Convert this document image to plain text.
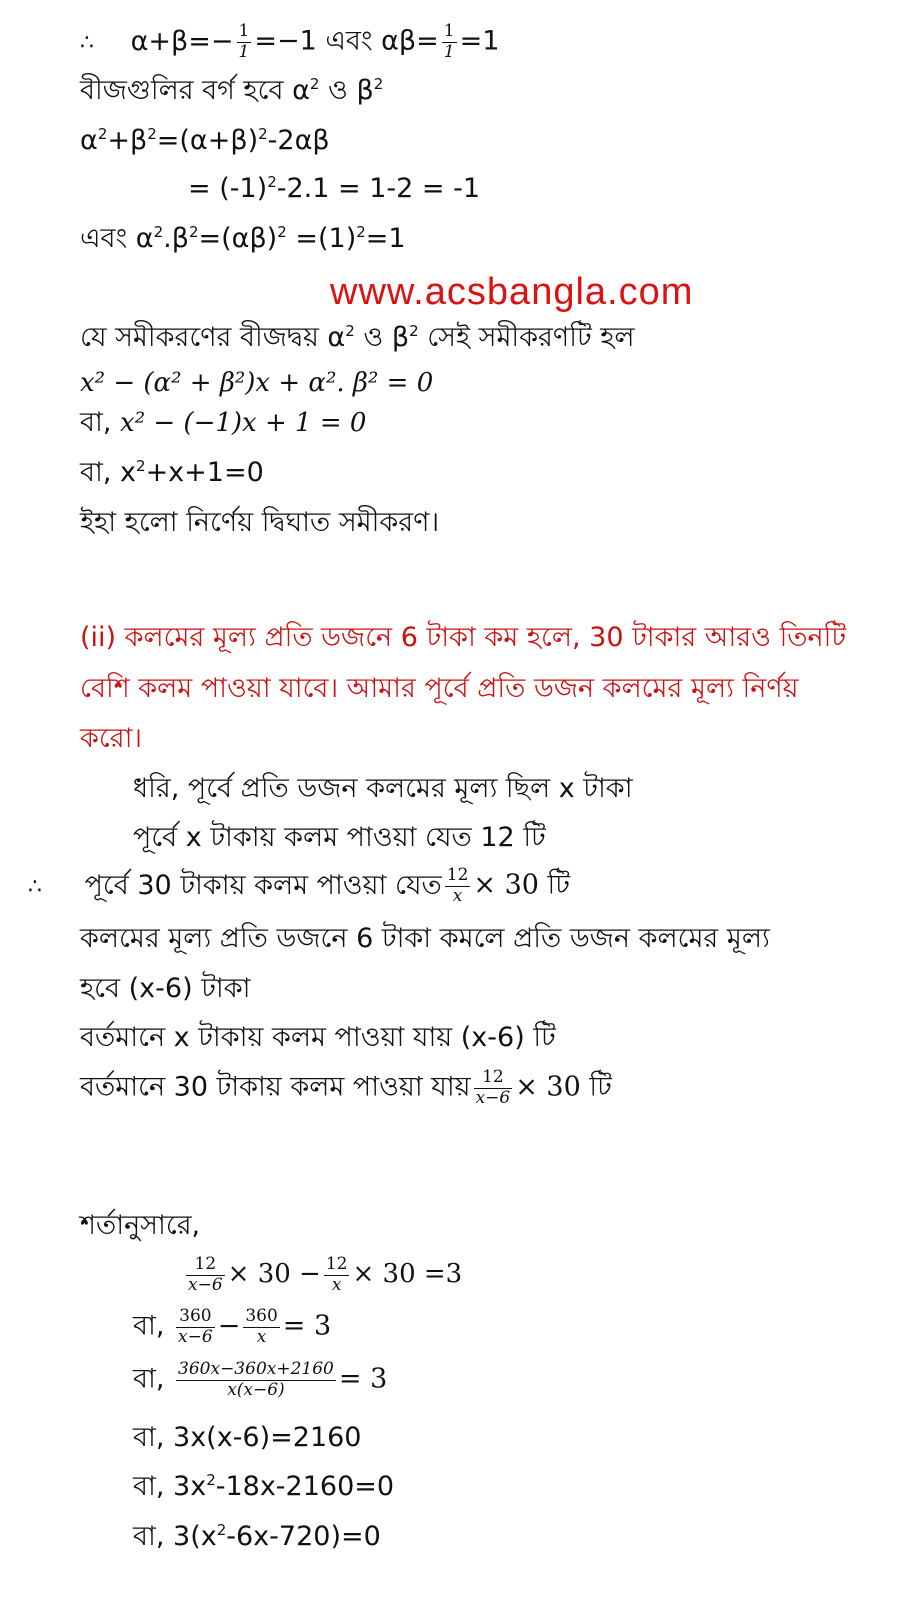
∴ $\alpha+\beta=- \frac{1}{1} =-1$ এবং $\alpha\beta= \frac{1}{1} =1$
বীজগুলির বর্গ হবে $\alpha^2$ ও $\beta^2$
$\alpha^2+\beta^2=(\alpha+\beta)^2-2\alpha\beta$
= $(-1)^2-2.1 = 1-2 = -1$
এবং $\alpha^2.\beta^2=(\alpha\beta)^2 =(1)^2=1$
www.acsbangla.com
যে সমীকরণের বীজদ্বয় $\alpha^2$ ও $\beta^2$ সেই সমীকরণটি হল
x² − (α² + β²)x + α². β² = 0
বা, x² − (−1)x + 1 = 0
বা, $x^2+x+1=0$
ইহা হলো নির্ণেয় দ্বিঘাত সমীকরণ।
(ii) কলমের মূল্য প্রতি ডজনে 6 টাকা কম হলে, 30 টাকার আরও তিনটি
বেশি কলম পাওয়া যাবে। আমার পূর্বে প্রতি ডজন কলমের মূল্য নির্ণয়
করো।
ধরি, পূর্বে প্রতি ডজন কলমের মূল্য ছিল x টাকা
পূর্বে x টাকায় কলম পাওয়া যেত 12 টি
∴ পূর্বে 30 টাকায় কলম পাওয়া যেত $\frac{12}{x} \times 30$ টি
কলমের মূল্য প্রতি ডজনে 6 টাকা কমলে প্রতি ডজন কলমের মূল্য
হবে (x-6) টাকা
বর্তমানে x টাকায় কলম পাওয়া যায় (x-6) টি
বর্তমানে 30 টাকায় কলম পাওয়া যায় $\frac{12}{x-6} \times 30$ টি
শর্তানুসারে,
$\frac{12}{x-6} \times 30 - \frac{12}{x} \times 30 =3$
বা, $\frac{360}{x-6} - \frac{360}{x} = 3$
বা, $\frac{360x-360x+2160}{x(x-6)} = 3$
বা, 3x(x-6)=2160
বা, $3x^2-18x-2160=0$
বা, $3(x^2-6x-720)=0$
